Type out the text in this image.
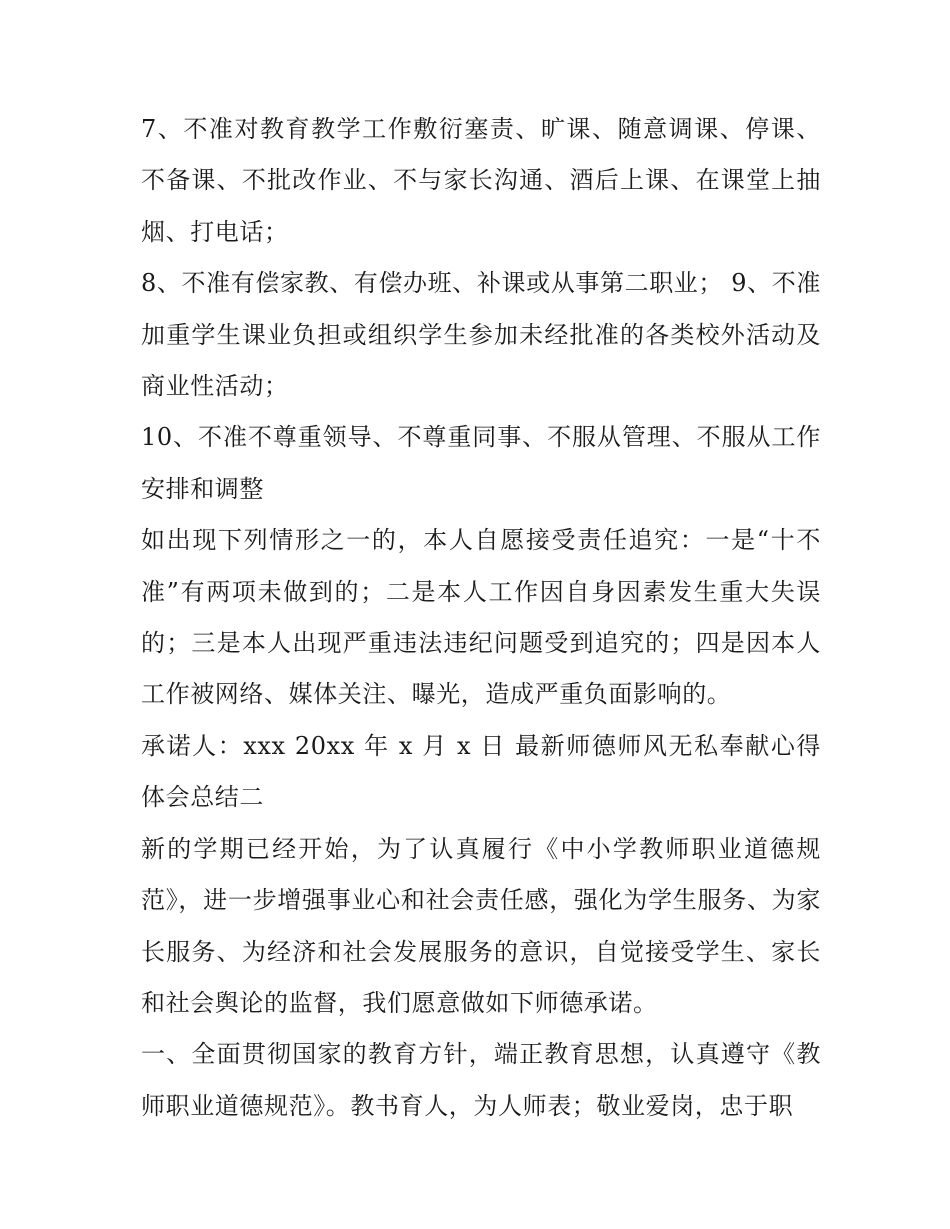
7、不准对教育教学工作敷衍塞责、旷课、随意调课、停课、不备课、不批改作业、不与家长沟通、酒后上课、在课堂上抽烟、打电话；

8、不准有偿家教、有偿办班、补课或从事第二职业； 9、不准加重学生课业负担或组织学生参加未经批准的各类校外活动及商业性活动；

10、不准不尊重领导、不尊重同事、不服从管理、不服从工作安排和调整

如出现下列情形之一的，本人自愿接受责任追究：一是“十不准”有两项未做到的；二是本人工作因自身因素发生重大失误的；三是本人出现严重违法违纪问题受到追究的；四是因本人工作被网络、媒体关注、曝光，造成严重负面影响的。

承诺人：xxx 20xx 年 x 月 x 日 最新师德师风无私奉献心得体会总结二

新的学期已经开始，为了认真履行《中小学教师职业道德规范》，进一步增强事业心和社会责任感，强化为学生服务、为家长服务、为经济和社会发展服务的意识，自觉接受学生、家长和社会舆论的监督，我们愿意做如下师德承诺。

一、全面贯彻国家的教育方针，端正教育思想，认真遵守《教师职业道德规范》。教书育人，为人师表；敬业爱岗，忠于职
